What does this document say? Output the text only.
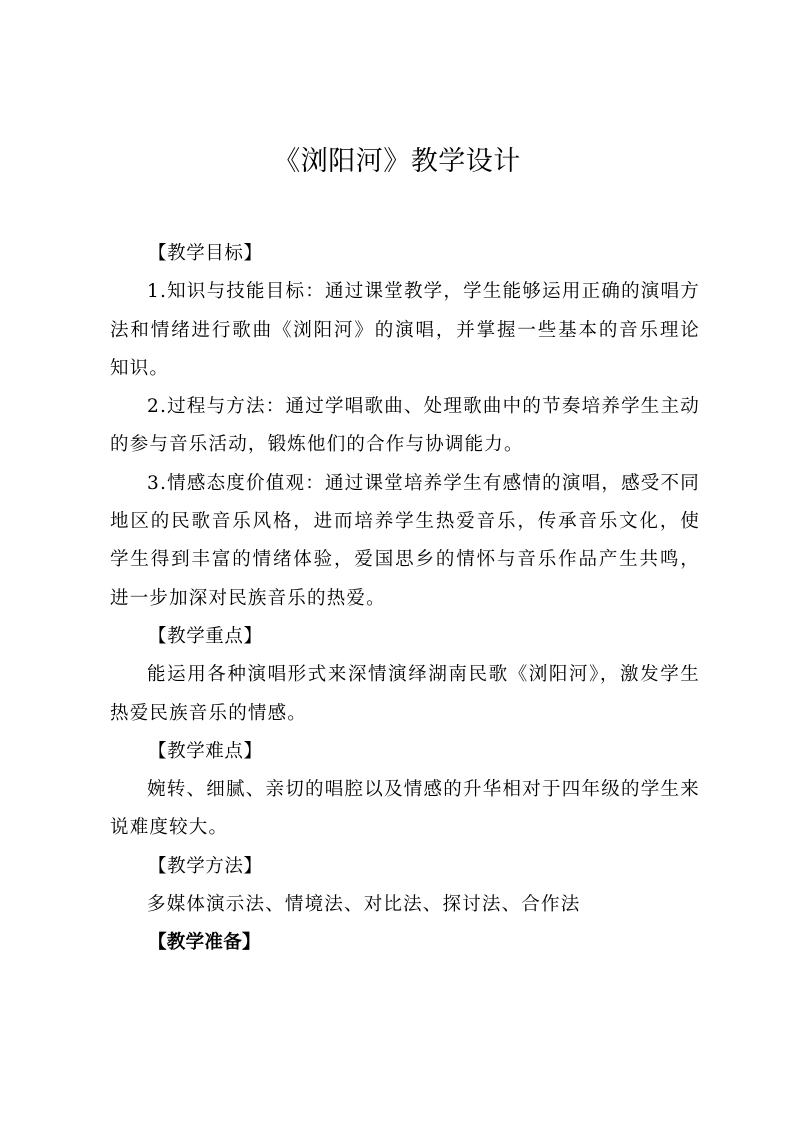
《浏阳河》教学设计

【教学目标】

1.知识与技能目标：通过课堂教学，学生能够运用正确的演唱方法和情绪进行歌曲《浏阳河》的演唱，并掌握一些基本的音乐理论知识。

2.过程与方法：通过学唱歌曲、处理歌曲中的节奏培养学生主动的参与音乐活动，锻炼他们的合作与协调能力。

3.情感态度价值观：通过课堂培养学生有感情的演唱，感受不同地区的民歌音乐风格，进而培养学生热爱音乐，传承音乐文化，使学生得到丰富的情绪体验，爱国思乡的情怀与音乐作品产生共鸣，进一步加深对民族音乐的热爱。

【教学重点】

能运用各种演唱形式来深情演绎湖南民歌《浏阳河》，激发学生热爱民族音乐的情感。

【教学难点】

婉转、细腻、亲切的唱腔以及情感的升华相对于四年级的学生来说难度较大。

【教学方法】

多媒体演示法、情境法、对比法、探讨法、合作法

【教学准备】
